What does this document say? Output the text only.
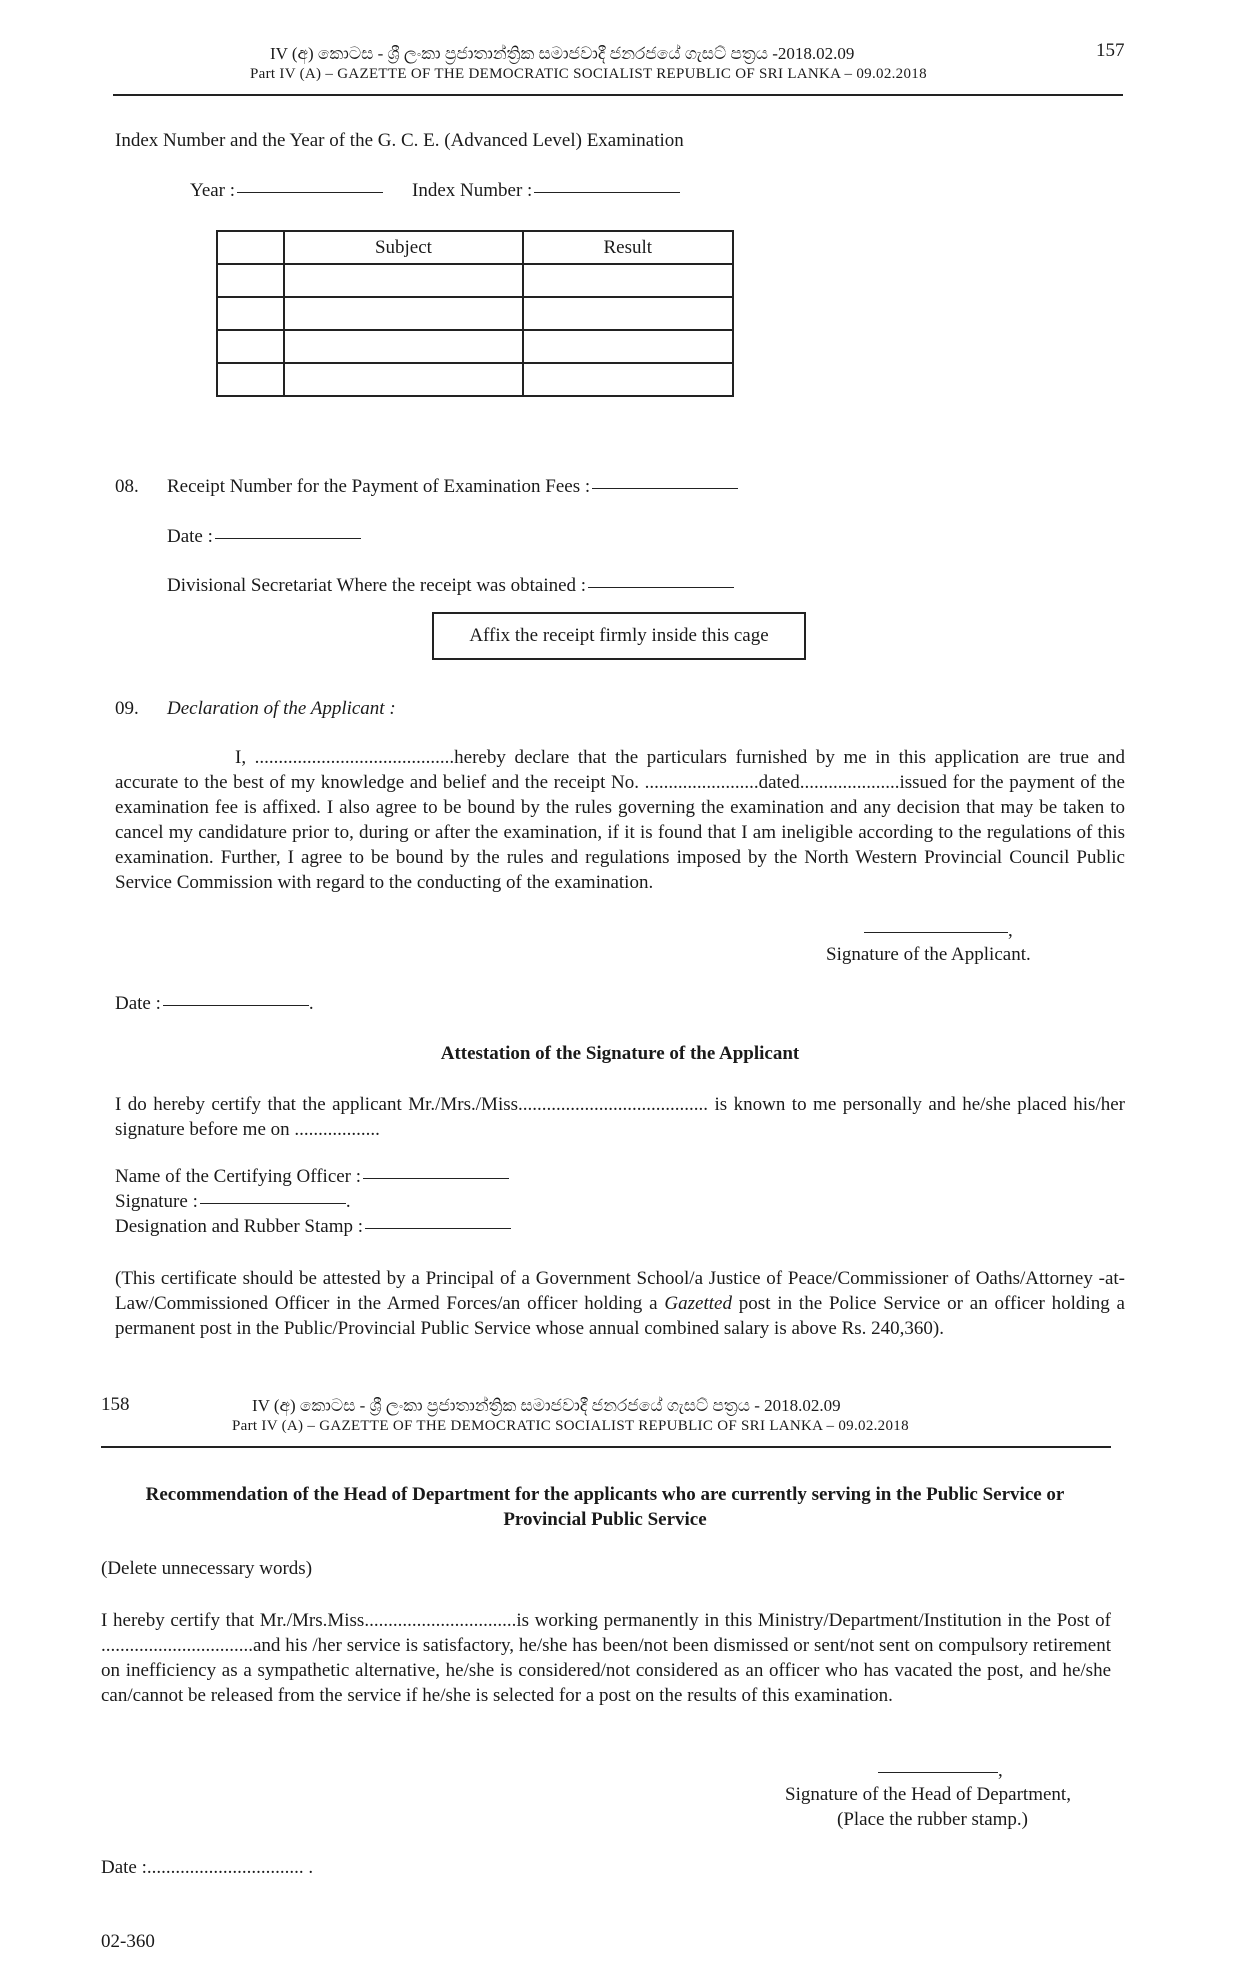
IV (අ) කොටස - ශ්‍රී ලංකා ප්‍රජාතාන්ත්‍රික සමාජවාදී ජනරජයේ ගැසට් පත්‍රය -2018.02.09
Part IV (A) – GAZETTE OF THE DEMOCRATIC SOCIALIST REPUBLIC OF SRI LANKA – 09.02.2018
157
Index Number and the Year of the G. C. E. (Advanced Level) Examination
Year :	Index Number :
	Subject	Result

08. Receipt Number for the Payment of Examination Fees :
Date :
Divisional Secretariat Where the receipt was obtained :
Affix the receipt firmly inside this cage
09. Declaration of the Applicant :
I, ..........................................hereby declare that the particulars furnished by me in this application are true and accurate to the best of my knowledge and belief and the receipt No. ........................dated.....................issued for the payment of the examination fee is affixed. I also agree to be bound by the rules governing the examination and any decision that may be taken to cancel my candidature prior to, during or after the examination, if it is found that I am ineligible according to the regulations of this examination. Further, I agree to be bound by the rules and regulations imposed by the North Western Provincial Council Public Service Commission with regard to the conducting of the examination.
,
Signature of the Applicant.
Date :	.
Attestation of the Signature of the Applicant
I do hereby certify that the applicant Mr./Mrs./Miss........................................ is known to me personally and he/she placed his/her signature before me on ..................
Name of the Certifying Officer :
Signature :	.
Designation and Rubber Stamp :
(This certificate should be attested by a Principal of a Government School/a Justice of Peace/Commissioner of Oaths/Attorney -at-Law/Commissioned Officer in the Armed Forces/an officer holding a Gazetted post in the Police Service or an officer holding a permanent post in the Public/Provincial Public Service whose annual combined salary is above Rs. 240,360).
158	IV (අ) කොටස - ශ්‍රී ලංකා ප්‍රජාතාන්ත්‍රික සමාජවාදී ජනරජයේ ගැසට් පත්‍රය - 2018.02.09
Part IV (A) – GAZETTE OF THE DEMOCRATIC SOCIALIST REPUBLIC OF SRI LANKA – 09.02.2018
Recommendation of the Head of Department for the applicants who are currently serving in the Public Service or
Provincial Public Service
(Delete unnecessary words)
I hereby certify that Mr./Mrs.Miss................................is working permanently in this Ministry/Department/Institution in the Post of ................................and his /her service is satisfactory, he/she has been/not been dismissed or sent/not sent on compulsory retirement on inefficiency as a sympathetic alternative, he/she is considered/not considered as an officer who has vacated the post, and he/she can/cannot be released from the service if he/she is selected for a post on the results of this examination.
,
Signature of the Head of Department,
(Place the rubber stamp.)
Date :................................. .
02-360
